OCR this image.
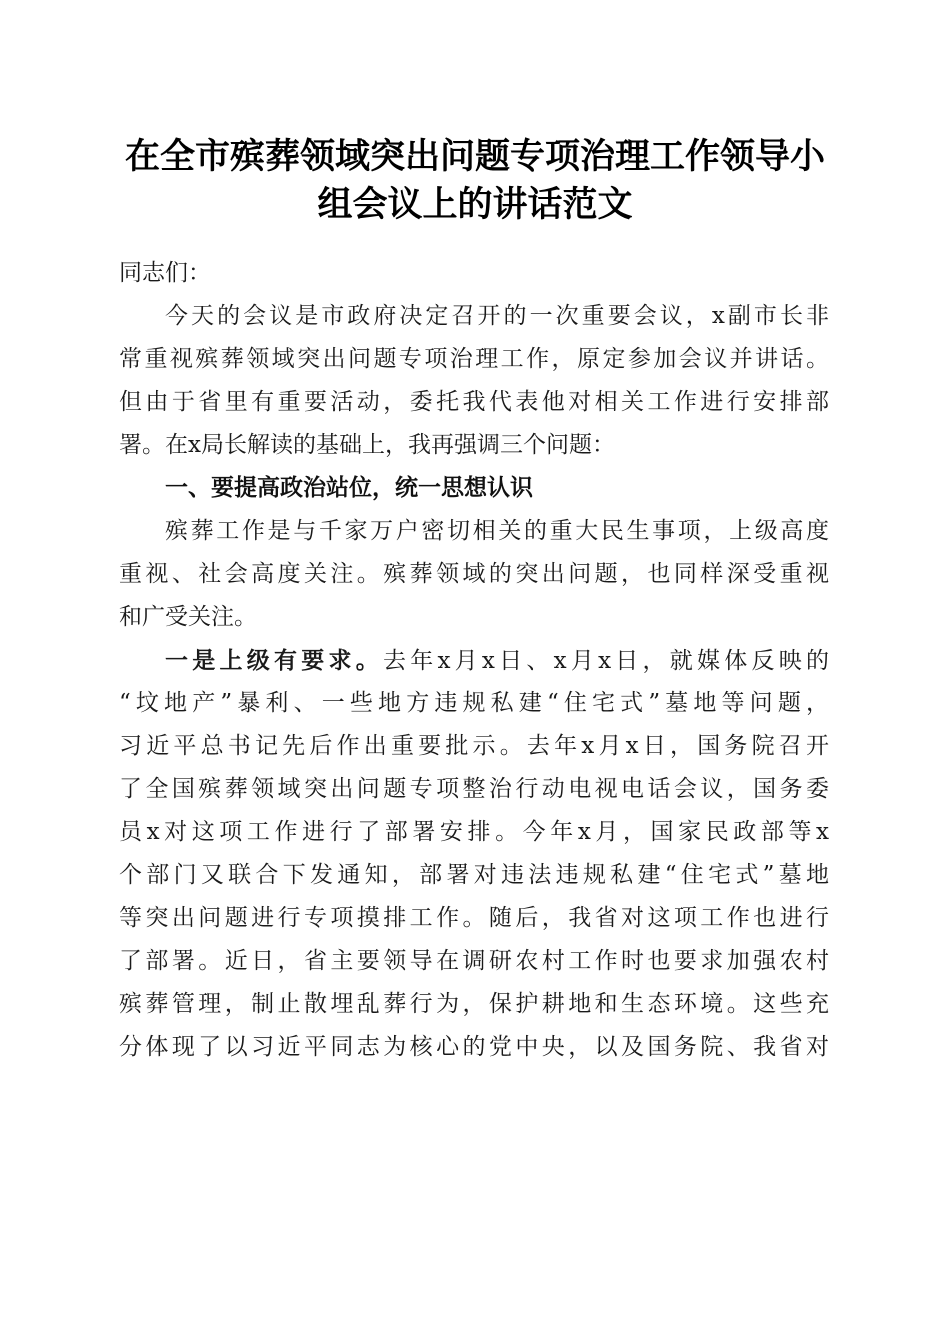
在全市殡葬领域突出问题专项治理工作领导小
组会议上的讲话范文
同志们：
今天的会议是市政府决定召开的一次重要会议，x副市长非
常重视殡葬领域突出问题专项治理工作，原定参加会议并讲话。
但由于省里有重要活动，委托我代表他对相关工作进行安排部
署。在x局长解读的基础上，我再强调三个问题：
一、要提高政治站位，统一思想认识
殡葬工作是与千家万户密切相关的重大民生事项，上级高度
重视、社会高度关注。殡葬领域的突出问题，也同样深受重视
和广受关注。
一是上级有要求。去年x月x日、x月x日，就媒体反映的
“坟地产”暴利、一些地方违规私建“住宅式”墓地等问题，
习近平总书记先后作出重要批示。去年x月x日，国务院召开
了全国殡葬领域突出问题专项整治行动电视电话会议，国务委
员x对这项工作进行了部署安排。今年x月，国家民政部等x
个部门又联合下发通知，部署对违法违规私建“住宅式”墓地
等突出问题进行专项摸排工作。随后，我省对这项工作也进行
了部署。近日，省主要领导在调研农村工作时也要求加强农村
殡葬管理，制止散埋乱葬行为，保护耕地和生态环境。这些充
分体现了以习近平同志为核心的党中央，以及国务院、我省对
